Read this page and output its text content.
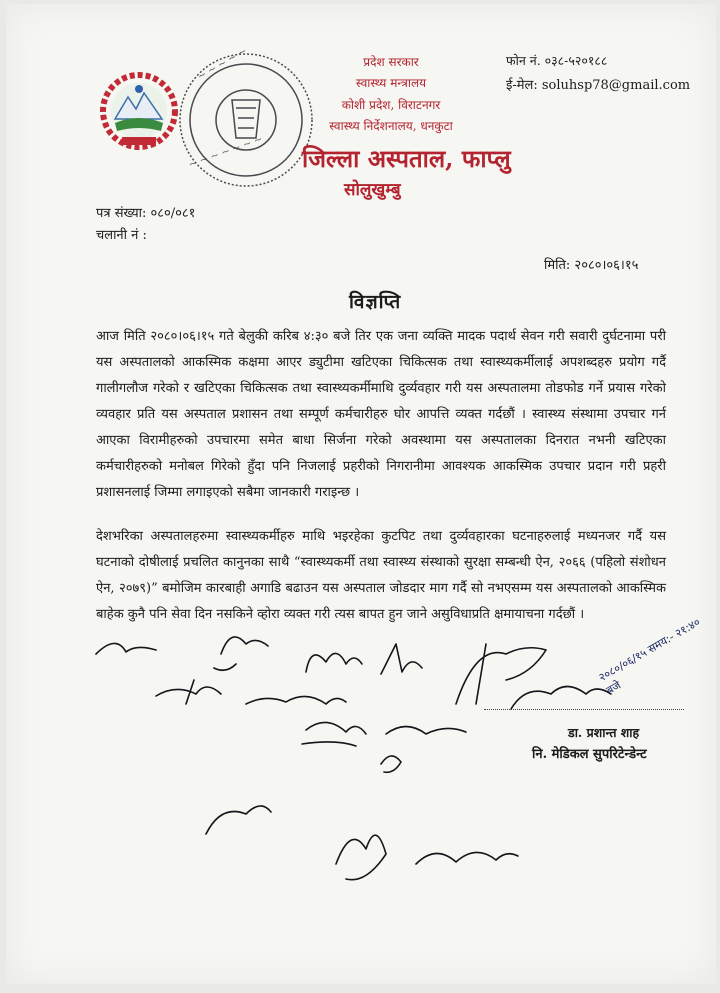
~ ~ ~ ~ ~ ~ ~
~ ~ ~ ~ ~	प्रदेश सरकार
स्वास्थ्य मन्त्रालय
कोशी प्रदेश, विराटनगर
स्वास्थ्य निर्देशनालय, धनकुटा
जिल्ला अस्पताल, फाप्लु
सोलुखुम्बु
फोन नं. ०३८-५२०१८८
ई-मेल: soluhsp78@gmail.com
पत्र संख्या: ०८०/०८१
चलानी नं :
मिति: २०८०।०६।१५
विज्ञप्ति
आज मिति २०८०।०६।१५ गते बेलुकी करिब ४:३० बजे तिर एक जना व्यक्ति मादक पदार्थ सेवन गरी सवारी दुर्घटनामा परी यस अस्पतालको आकस्मिक कक्षमा आएर ड्युटीमा खटिएका चिकित्सक तथा स्वास्थ्यकर्मीलाई अपशब्दहरु प्रयोग गर्दै गालीगलौज गरेको र खटिएका चिकित्सक तथा स्वास्थ्यकर्मीमाथि दुर्व्यवहार गरी यस अस्पतालमा तोडफोड गर्ने प्रयास गरेको व्यवहार प्रति यस अस्पताल प्रशासन तथा सम्पूर्ण कर्मचारीहरु घोर आपत्ति व्यक्त गर्दछौं । स्वास्थ्य संस्थामा उपचार गर्न आएका विरामीहरुको उपचारमा समेत बाधा सिर्जना गरेको अवस्थामा यस अस्पतालका दिनरात नभनी खटिएका कर्मचारीहरुको मनोबल गिरेको हुँदा पनि निजलाई प्रहरीको निगरानीमा आवश्यक आकस्मिक उपचार प्रदान गरी प्रहरी प्रशासनलाई जिम्मा लगाइएको सबैमा जानकारी गराइन्छ ।
देशभरिका अस्पतालहरुमा स्वास्थ्यकर्मीहरु माथि भइरहेका कुटपिट तथा दुर्व्यवहारका घटनाहरुलाई मध्यनजर गर्दै यस घटनाको दोषीलाई प्रचलित कानुनका साथै “स्वास्थ्यकर्मी तथा स्वास्थ्य संस्थाको सुरक्षा सम्बन्धी ऐन, २०६६ (पहिलो संशोधन ऐन, २०७९)” बमोजिम कारबाही अगाडि बढाउन यस अस्पताल जोडदार माग गर्दै सो नभएसम्म यस अस्पतालको आकस्मिक बाहेक कुनै पनि सेवा दिन नसकिने व्होरा व्यक्त गरी त्यस बापत हुन जाने असुविधाप्रति क्षमायाचना गर्दछौं ।
२०८०/०६/१५ समय:- २१:४० बजे
डा. प्रशान्त शाह
नि. मेडिकल सुपरिटेन्डेन्ट
